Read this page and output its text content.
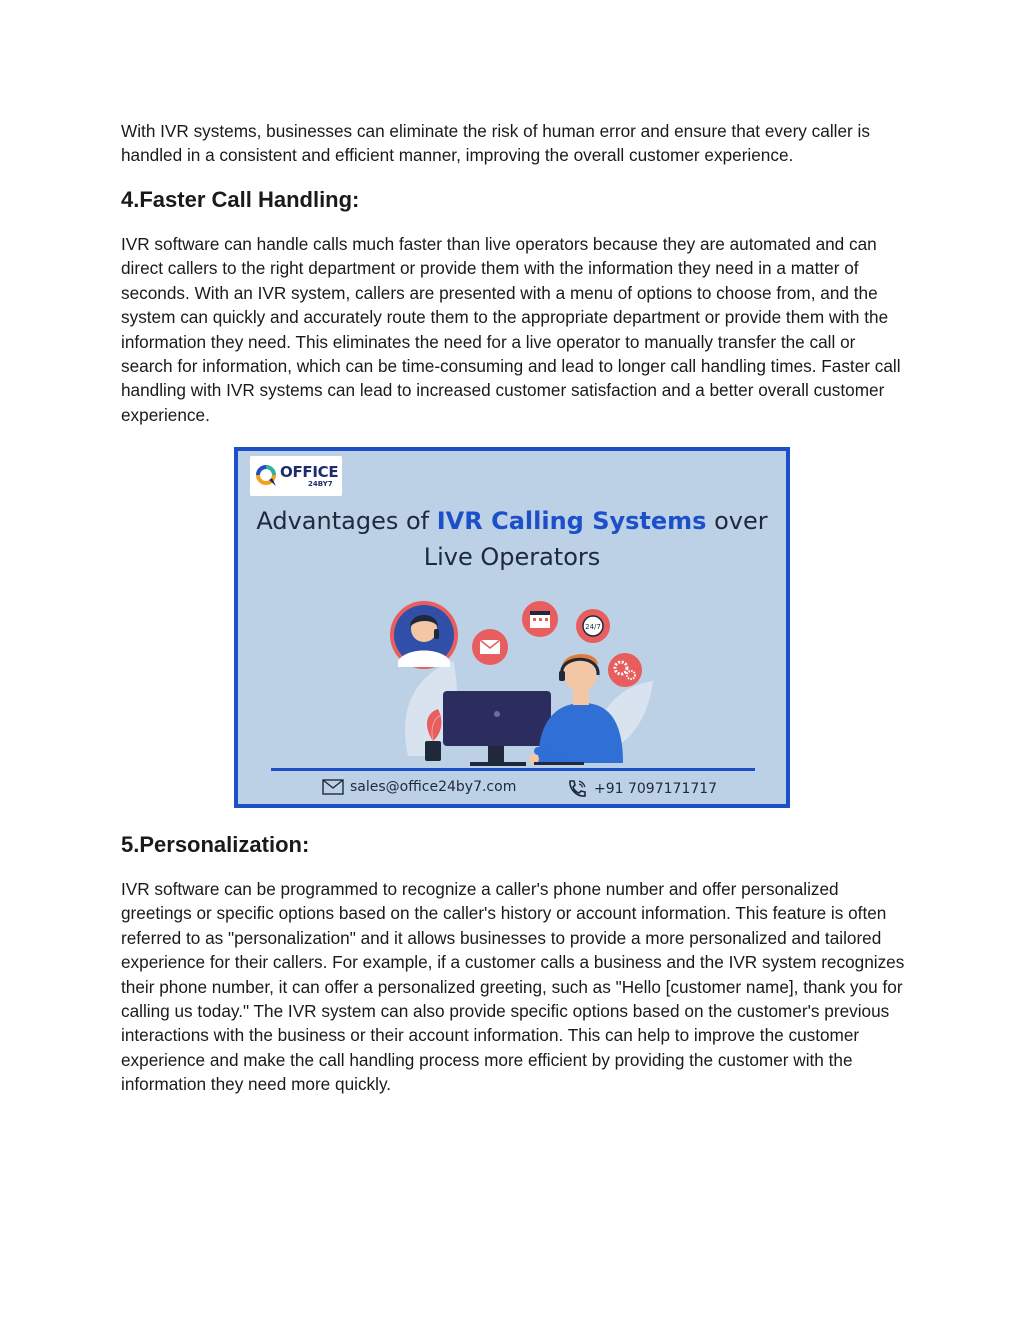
With IVR systems, businesses can eliminate the risk of human error and ensure that every caller is handled in a consistent and efficient manner, improving the overall customer experience.

4.Faster Call Handling:

IVR software can handle calls much faster than live operators because they are automated and can direct callers to the right department or provide them with the information they need in a matter of seconds. With an IVR system, callers are presented with a menu of options to choose from, and the system can quickly and accurately route them to the appropriate department or provide them with the information they need. This eliminates the need for a live operator to manually transfer the call or search for information, which can be time-consuming and lead to longer call handling times. Faster call handling with IVR systems can lead to increased customer satisfaction and a better overall customer experience.

OFFICE
24BY7
Advantages of IVR Calling Systems over
Live Operators
24/7
sales@office24by7.com	+91 7097171717
5.Personalization:

IVR software can be programmed to recognize a caller's phone number and offer personalized greetings or specific options based on the caller's history or account information. This feature is often referred to as "personalization" and it allows businesses to provide a more personalized and tailored experience for their callers. For example, if a customer calls a business and the IVR system recognizes their phone number, it can offer a personalized greeting, such as "Hello [customer name], thank you for calling us today." The IVR system can also provide specific options based on the customer's previous interactions with the business or their account information. This can help to improve the customer experience and make the call handling process more efficient by providing the customer with the information they need more quickly.
